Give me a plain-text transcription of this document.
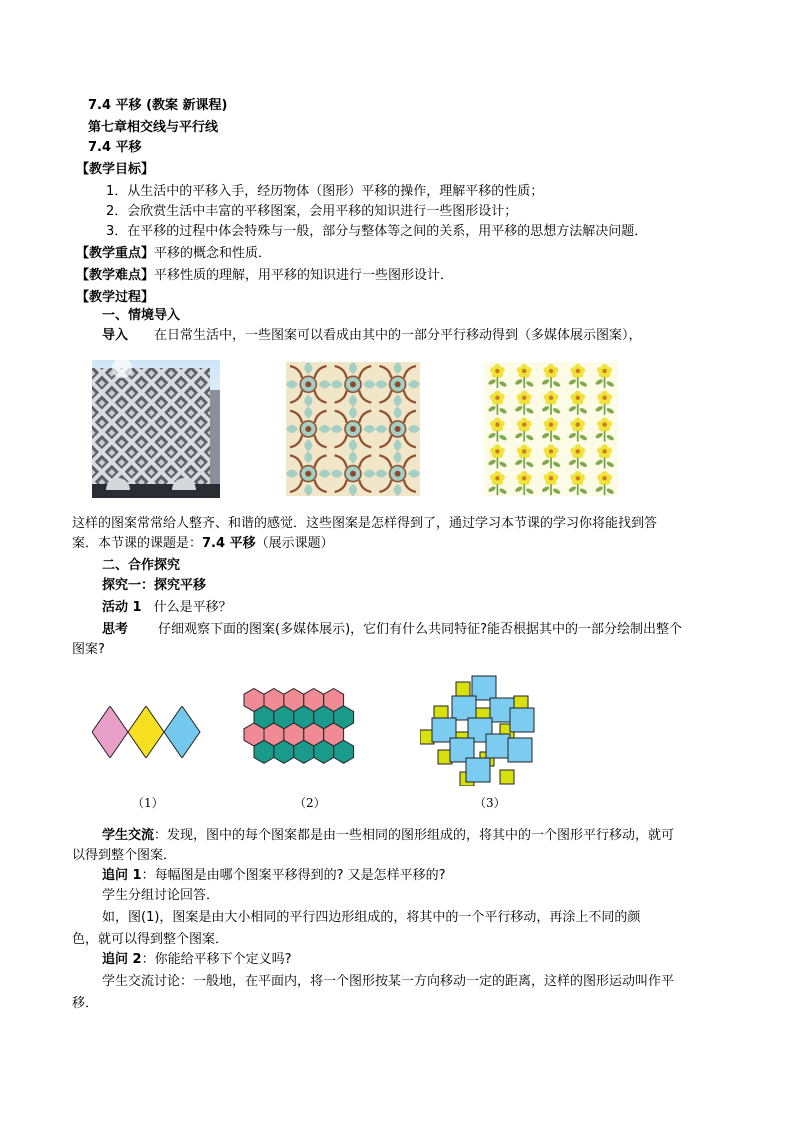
7.4 平移 (教案 新课程)
第七章相交线与平行线
7.4 平移
【教学目标】
1．从生活中的平移入手，经历物体（图形）平移的操作，理解平移的性质；
2．会欣赏生活中丰富的平移图案，会用平移的知识进行一些图形设计；
3．在平移的过程中体会特殊与一般，部分与整体等之间的关系，用平移的思想方法解决问题．
【教学重点】平移的概念和性质．
【教学难点】平移性质的理解，用平移的知识进行一些图形设计．
【教学过程】
一、情境导入
导入 在日常生活中，一些图案可以看成由其中的一部分平行移动得到（多媒体展示图案），
这样的图案常常给人整齐、和谐的感觉．这些图案是怎样得到了，通过学习本节课的学习你将能找到答
案．本节课的课题是：7.4 平移（展示课题）
二、合作探究
探究一：探究平移
活动 1 什么是平移？
思考 仔细观察下面的图案(多媒体展示)，它们有什么共同特征?能否根据其中的一部分绘制出整个
图案?
（1）	（2）	（3）
学生交流：发现，图中的每个图案都是由一些相同的图形组成的，将其中的一个图形平行移动，就可
以得到整个图案．
追问 1：每幅图是由哪个图案平移得到的? 又是怎样平移的?
学生分组讨论回答．
如，图(1)，图案是由大小相同的平行四边形组成的，将其中的一个平行移动，再涂上不同的颜
色，就可以得到整个图案．
追问 2：你能给平移下个定义吗?
学生交流讨论：一般地，在平面内，将一个图形按某一方向移动一定的距离，这样的图形运动叫作平
移．
